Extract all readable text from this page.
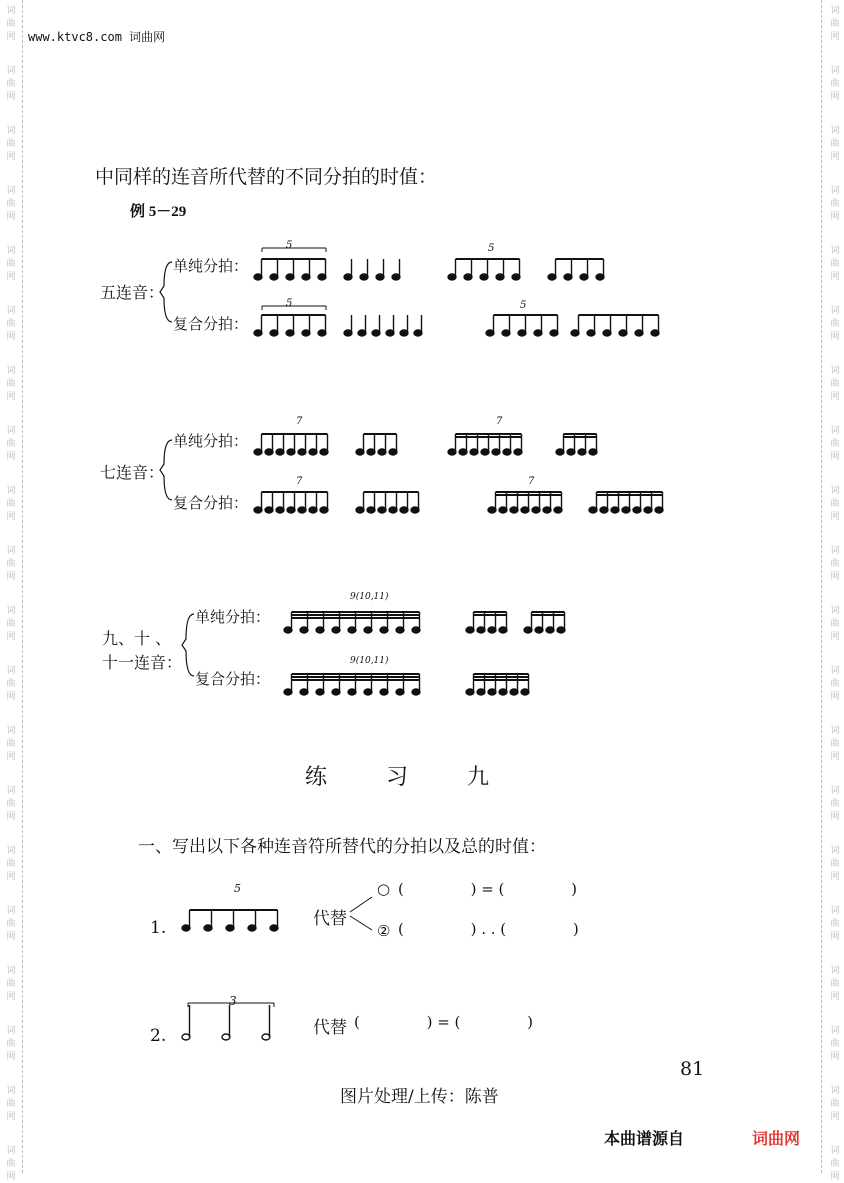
www.ktvc8.com 词曲网
中同样的连音所代替的不同分拍的时值：
例 5－29
五连音：
单纯分拍：
复合分拍：
七连音：
单纯分拍：
复合分拍：
九、十 、
十一连音：
单纯分拍：
复合分拍：
5
5
5
5
7
7
7
7
9(10,11)
9(10,11)
练	习	九
一、写出以下各种连音符所替代的分拍以及总的时值：
1.
5
代替
○
②
(              ) = (              )
(              ) . . (              )
2.
3
代替 (              ) = (              )
81
图片处理/上传：陈普
本曲谱源自	词曲网
词
曲
网
词
曲
网
词
曲
网
词
曲
网
词
曲
网
词
曲
网
词
曲
网
词
曲
网
词
曲
网
词
曲
网
词
曲
网
词
曲
网
词
曲
网
词
曲
网
词
曲
网
词
曲
网
词
曲
网
词
曲
网
词
曲
网
词
曲
网
词
曲
网
词
曲
网
词
曲
网
词
曲
网
词
曲
网
词
曲
网
词
曲
网
词
曲
网
词
曲
网
词
曲
网
词
曲
网
词
曲
网
词
曲
网
词
曲
网
词
曲
网
词
曲
网
词
曲
网
词
曲
网
词
曲
网
词
曲
网
